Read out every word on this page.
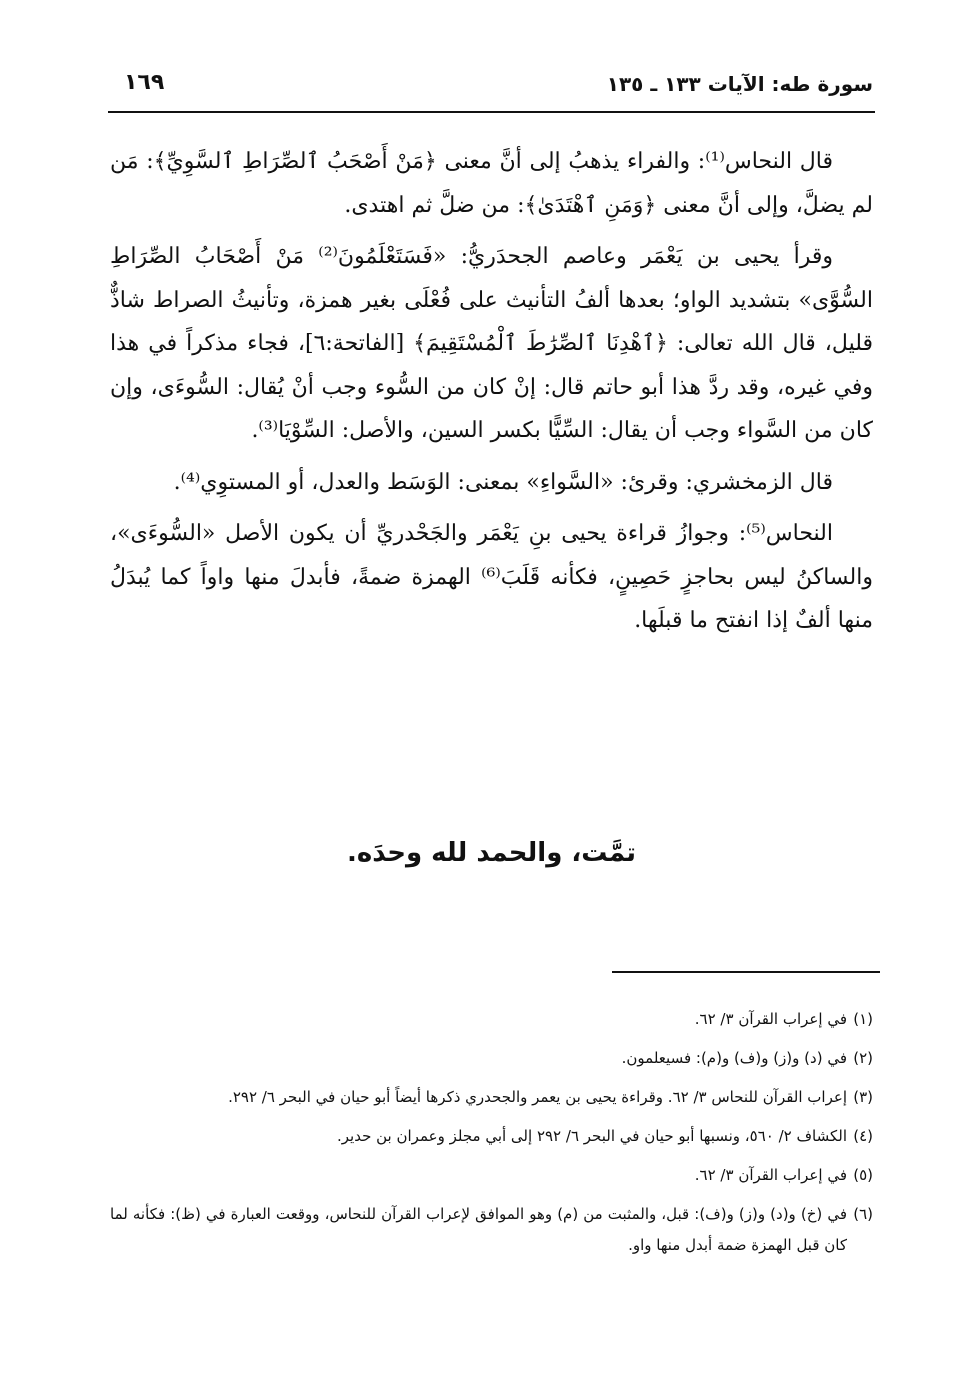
سورة طه: الآيات ١٣٣ ـ ١٣٥
١٦٩

قال النحاس⁽¹⁾: والفراء يذهبُ إلى أنَّ معنى ﴿مَنْ أَصْحَبُ ٱلصِّرَاطِ ٱلسَّوِيِّ﴾: مَن لم يضلَّ، وإلى أنَّ معنى ﴿وَمَنِ ٱهْتَدَىٰ﴾: من ضلَّ ثم اهتدى.

وقرأ يحيى بن يَعْمَر وعاصم الجحدَريُّ: «فَسَتَعْلَمُونَ⁽²⁾ مَنْ أَصْحَابُ الصِّرَاطِ السُّوَّى» بتشديد الواو؛ بعدها ألفُ التأنيث على فُعْلَى بغير همزة، وتأنيثُ الصراط شاذٌّ قليل، قال الله تعالى: ﴿ٱهْدِنَا ٱلصِّرَٰطَ ٱلْمُسْتَقِيمَ﴾ [الفاتحة:٦]، فجاء مذكراً في هذا وفي غيره، وقد ردَّ هذا أبو حاتم قال: إنْ كان من السُّوء وجب أنْ يُقال: السُّوءَى، وإن كان من السَّواء وجب أن يقال: السِّيًّا بكسر السين، والأصل: السِّوْيَا⁽³⁾.

قال الزمخشري: وقرئ: «السَّواءِ» بمعنى: الوَسَط والعدل، أو المستوِي⁽⁴⁾.

النحاس⁽⁵⁾: وجوازُ قراءة يحيى بنِ يَعْمَر والجَحْدريِّ أن يكون الأصل «السُّوءَى»، والساكنُ ليس بحاجزٍ حَصِينٍ، فكأنه قَلَبَ⁽⁶⁾ الهمزة ضمةً، فأبدلَ منها واواً كما يُبدَلُ منها ألفٌ إذا انفتح ما قبلَها.

تمَّت، والحمد لله وحدَه.
(١)
في إعراب القرآن ٣/ ٦٢.
(٢)
في (د) و(ز) و(ف) و(م): فسيعلمون.
(٣)
إعراب القرآن للنحاس ٣/ ٦٢. وقراءة يحيى بن يعمر والجحدري ذكرها أيضاً أبو حيان في البحر ٦/ ٢٩٢.
(٤)
الكشاف ٢/ ٥٦٠، ونسبها أبو حيان في البحر ٦/ ٢٩٢ إلى أبي مجلز وعمران بن حدير.
(٥)
في إعراب القرآن ٣/ ٦٢.
(٦)
في (خ) و(د) و(ز) و(ف): قبل، والمثبت من (م) وهو الموافق لإعراب القرآن للنحاس، ووقعت العبارة في (ظ): فكأنه لما كان قبل الهمزة ضمة أبدل منها واو.
